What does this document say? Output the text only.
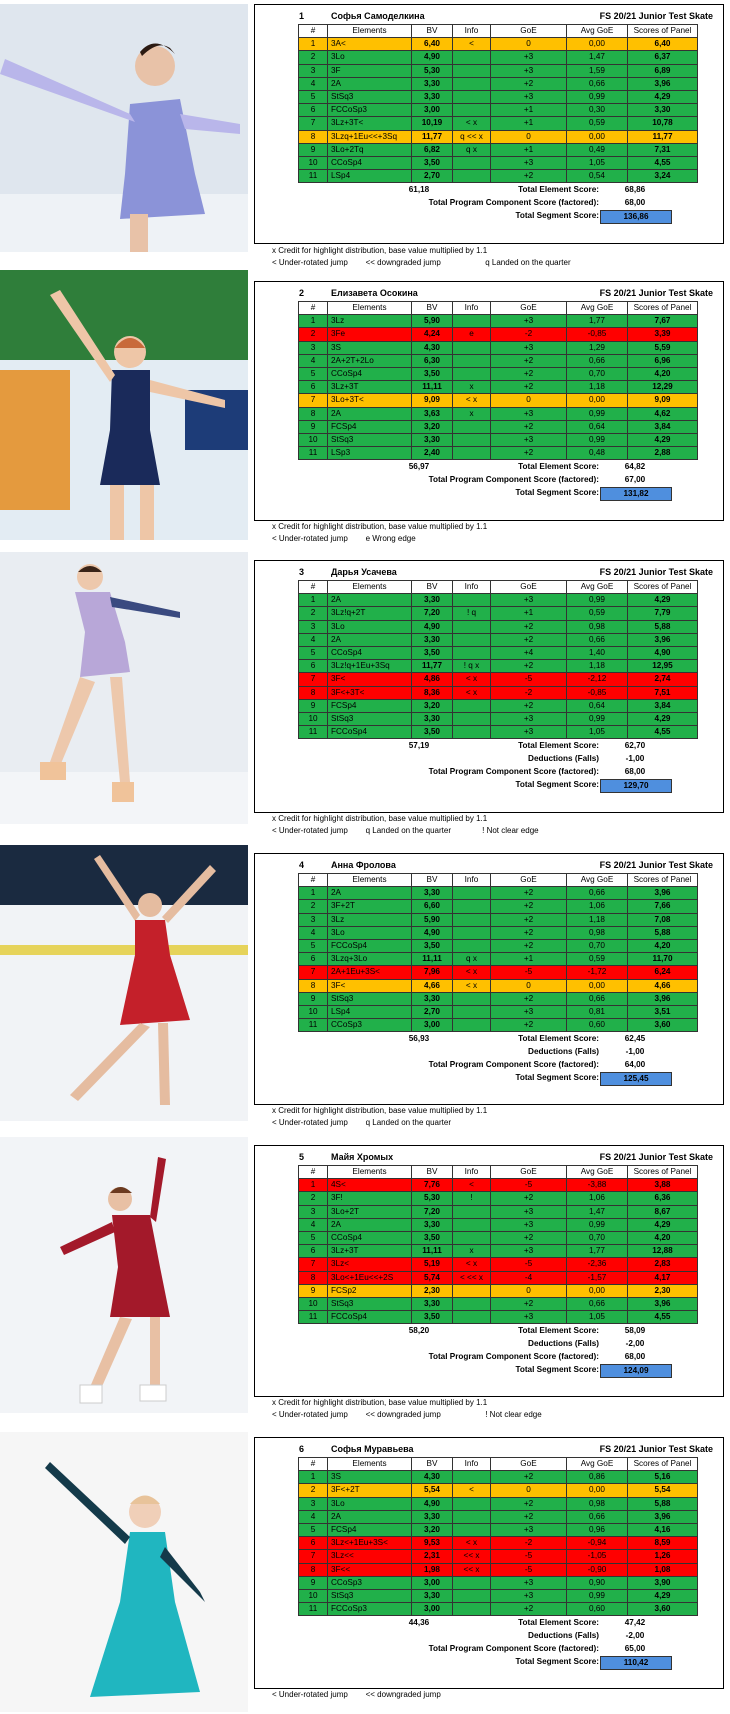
1	Софья Самоделкина	FS 20/21 Junior Test Skate
#	Elements	BV	Info	GoE	Avg GoE	Scores of Panel
1	3A<	6,40	<	0	0,00	6,40
2	3Lo	4,90		+3	1,47	6,37
3	3F	5,30		+3	1,59	6,89
4	2A	3,30		+2	0,66	3,96
5	StSq3	3,30		+3	0,99	4,29
6	FCCoSp3	3,00		+1	0,30	3,30
7	3Lz+3T<	10,19	< x	+1	0,59	10,78
8	3Lzq+1Eu<<+3Sq	11,77	q << x	0	0,00	11,77
9	3Lo+2Tq	6,82	q x	+1	0,49	7,31
10	CCoSp4	3,50		+3	1,05	4,55
11	LSp4	2,70		+2	0,54	3,24
61,18	Total Element Score:	68,86
Total Program Component Score (factored):	68,00
Total Segment Score:	136,86
2	Елизавета Осокина	FS 20/21 Junior Test Skate
#	Elements	BV	Info	GoE	Avg GoE	Scores of Panel
1	3Lz	5,90		+3	1,77	7,67
2	3Fe	4,24	e	-2	-0,85	3,39
3	3S	4,30		+3	1,29	5,59
4	2A+2T+2Lo	6,30		+2	0,66	6,96
5	CCoSp4	3,50		+2	0,70	4,20
6	3Lz+3T	11,11	x	+2	1,18	12,29
7	3Lo+3T<	9,09	< x	0	0,00	9,09
8	2A	3,63	x	+3	0,99	4,62
9	FCSp4	3,20		+2	0,64	3,84
10	StSq3	3,30		+3	0,99	4,29
11	LSp3	2,40		+2	0,48	2,88
56,97	Total Element Score:	64,82
Total Program Component Score (factored):	67,00
Total Segment Score:	131,82
3	Дарья Усачева	FS 20/21 Junior Test Skate
#	Elements	BV	Info	GoE	Avg GoE	Scores of Panel
1	2A	3,30		+3	0,99	4,29
2	3Lz!q+2T	7,20	! q	+1	0,59	7,79
3	3Lo	4,90		+2	0,98	5,88
4	2A	3,30		+2	0,66	3,96
5	CCoSp4	3,50		+4	1,40	4,90
6	3Lz!q+1Eu+3Sq	11,77	! q x	+2	1,18	12,95
7	3F<	4,86	< x	-5	-2,12	2,74
8	3F<+3T<	8,36	< x	-2	-0,85	7,51
9	FCSp4	3,20		+2	0,64	3,84
10	StSq3	3,30		+3	0,99	4,29
11	FCCoSp4	3,50		+3	1,05	4,55
57,19	Total Element Score:	62,70
Deductions (Falls)	-1,00
Total Program Component Score (factored):	68,00
Total Segment Score:	129,70
4	Анна Фролова	FS 20/21 Junior Test Skate
#	Elements	BV	Info	GoE	Avg GoE	Scores of Panel
1	2A	3,30		+2	0,66	3,96
2	3F+2T	6,60		+2	1,06	7,66
3	3Lz	5,90		+2	1,18	7,08
4	3Lo	4,90		+2	0,98	5,88
5	FCCoSp4	3,50		+2	0,70	4,20
6	3Lzq+3Lo	11,11	q x	+1	0,59	11,70
7	2A+1Eu+3S<	7,96	< x	-5	-1,72	6,24
8	3F<	4,66	< x	0	0,00	4,66
9	StSq3	3,30		+2	0,66	3,96
10	LSp4	2,70		+3	0,81	3,51
11	CCoSp3	3,00		+2	0,60	3,60
56,93	Total Element Score:	62,45
Deductions (Falls)	-1,00
Total Program Component Score (factored):	64,00
Total Segment Score:	125,45
5	Майя Хромых	FS 20/21 Junior Test Skate
#	Elements	BV	Info	GoE	Avg GoE	Scores of Panel
1	4S<	7,76	<	-5	-3,88	3,88
2	3F!	5,30	!	+2	1,06	6,36
3	3Lo+2T	7,20		+3	1,47	8,67
4	2A	3,30		+3	0,99	4,29
5	CCoSp4	3,50		+2	0,70	4,20
6	3Lz+3T	11,11	x	+3	1,77	12,88
7	3Lz<	5,19	< x	-5	-2,36	2,83
8	3Lo<+1Eu<<+2S	5,74	< << x	-4	-1,57	4,17
9	FCSp2	2,30		0	0,00	2,30
10	StSq3	3,30		+2	0,66	3,96
11	FCCoSp4	3,50		+3	1,05	4,55
58,20	Total Element Score:	58,09
Deductions (Falls)	-2,00
Total Program Component Score (factored):	68,00
Total Segment Score:	124,09
6	Софья Муравьева	FS 20/21 Junior Test Skate
#	Elements	BV	Info	GoE	Avg GoE	Scores of Panel
1	3S	4,30		+2	0,86	5,16
2	3F<+2T	5,54	<	0	0,00	5,54
3	3Lo	4,90		+2	0,98	5,88
4	2A	3,30		+2	0,66	3,96
5	FCSp4	3,20		+3	0,96	4,16
6	3Lz<+1Eu+3S<	9,53	< x	-2	-0,94	8,59
7	3Lz<<	2,31	<< x	-5	-1,05	1,26
8	3F<<	1,98	<< x	-5	-0,90	1,08
9	CCoSp3	3,00		+3	0,90	3,90
10	StSq3	3,30		+3	0,99	4,29
11	FCCoSp3	3,00		+2	0,60	3,60
44,36	Total Element Score:	47,42
Deductions (Falls)	-2,00
Total Program Component Score (factored):	65,00
Total Segment Score:	110,42
x Credit for highlight distribution, base value multiplied by 1.1
< Under-rotated jump        << downgraded jump                    q Landed on the quarter
x Credit for highlight distribution, base value multiplied by 1.1
< Under-rotated jump        e Wrong edge
x Credit for highlight distribution, base value multiplied by 1.1
< Under-rotated jump        q Landed on the quarter              ! Not clear edge
x Credit for highlight distribution, base value multiplied by 1.1
< Under-rotated jump        q Landed on the quarter
x Credit for highlight distribution, base value multiplied by 1.1
< Under-rotated jump        << downgraded jump                    ! Not clear edge
< Under-rotated jump        << downgraded jump
